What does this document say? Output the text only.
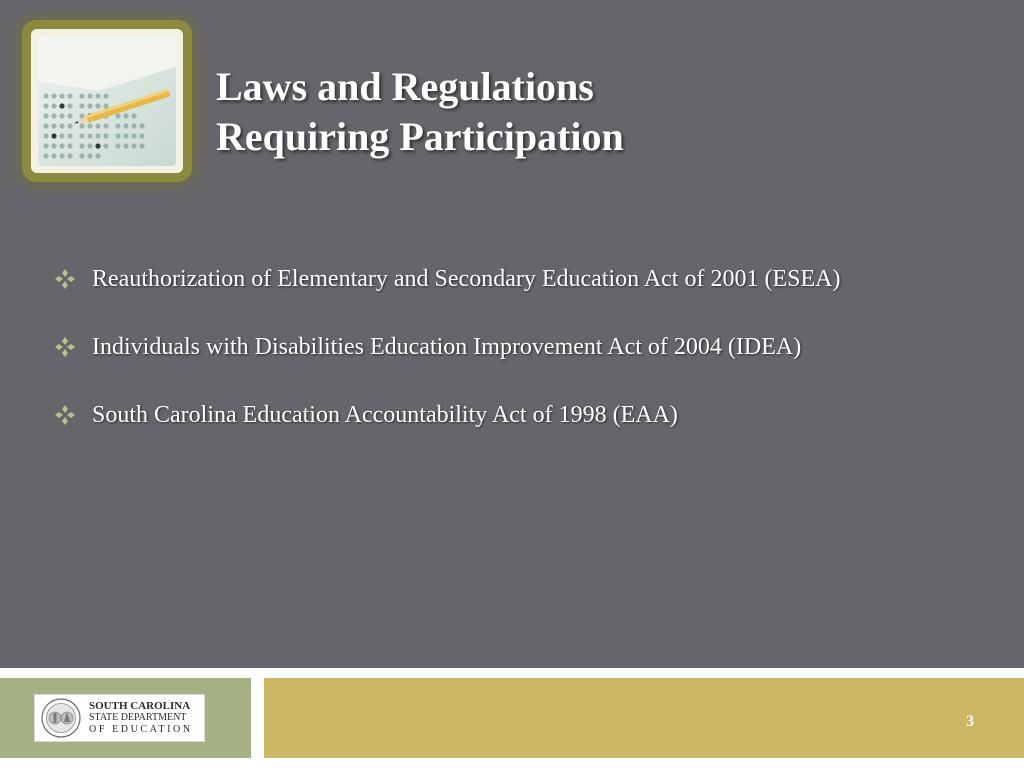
Laws and Regulations
Requiring Participation
Reauthorization of Elementary and Secondary Education Act of 2001 (ESEA)
Individuals with Disabilities Education Improvement Act of 2004 (IDEA)
South Carolina Education Accountability Act of 1998 (EAA)
SOUTH CAROLINA
STATE DEPARTMENT
OF EDUCATION	3
